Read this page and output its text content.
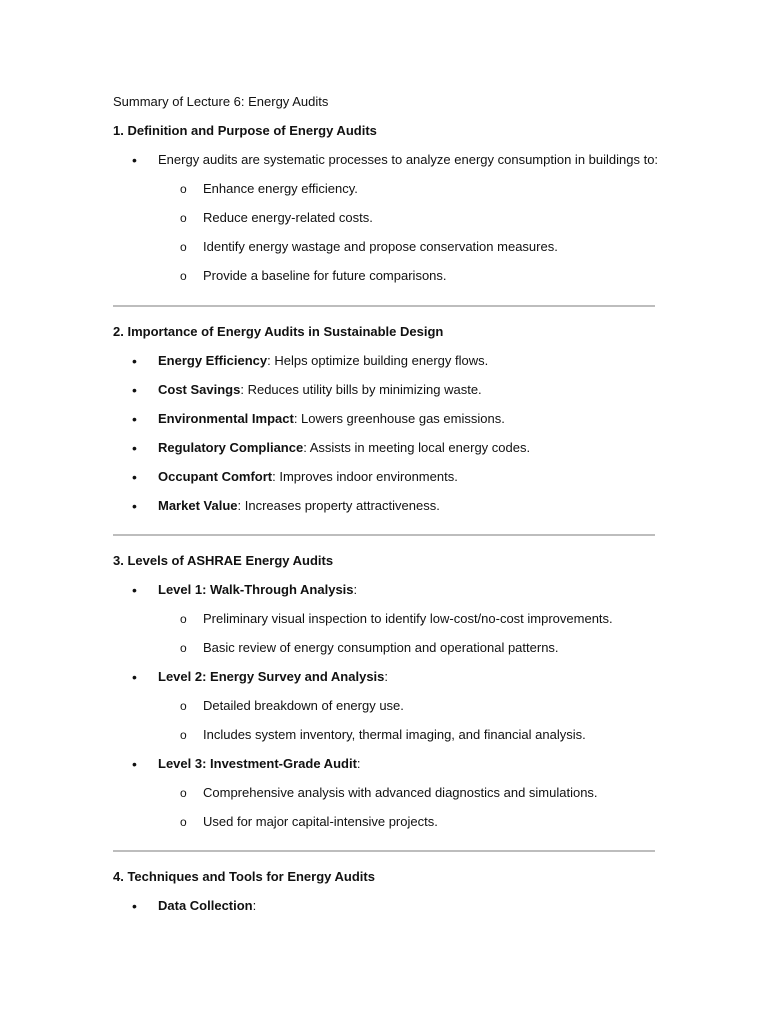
Summary of Lecture 6: Energy Audits
1. Definition and Purpose of Energy Audits
• Energy audits are systematic processes to analyze energy consumption in buildings to:
o Enhance energy efficiency.
o Reduce energy-related costs.
o Identify energy wastage and propose conservation measures.
o Provide a baseline for future comparisons.
2. Importance of Energy Audits in Sustainable Design
• Energy Efficiency: Helps optimize building energy flows.
• Cost Savings: Reduces utility bills by minimizing waste.
• Environmental Impact: Lowers greenhouse gas emissions.
• Regulatory Compliance: Assists in meeting local energy codes.
• Occupant Comfort: Improves indoor environments.
• Market Value: Increases property attractiveness.
3. Levels of ASHRAE Energy Audits
• Level 1: Walk-Through Analysis:
o Preliminary visual inspection to identify low-cost/no-cost improvements.
o Basic review of energy consumption and operational patterns.
• Level 2: Energy Survey and Analysis:
o Detailed breakdown of energy use.
o Includes system inventory, thermal imaging, and financial analysis.
• Level 3: Investment-Grade Audit:
o Comprehensive analysis with advanced diagnostics and simulations.
o Used for major capital-intensive projects.
4. Techniques and Tools for Energy Audits
• Data Collection:
